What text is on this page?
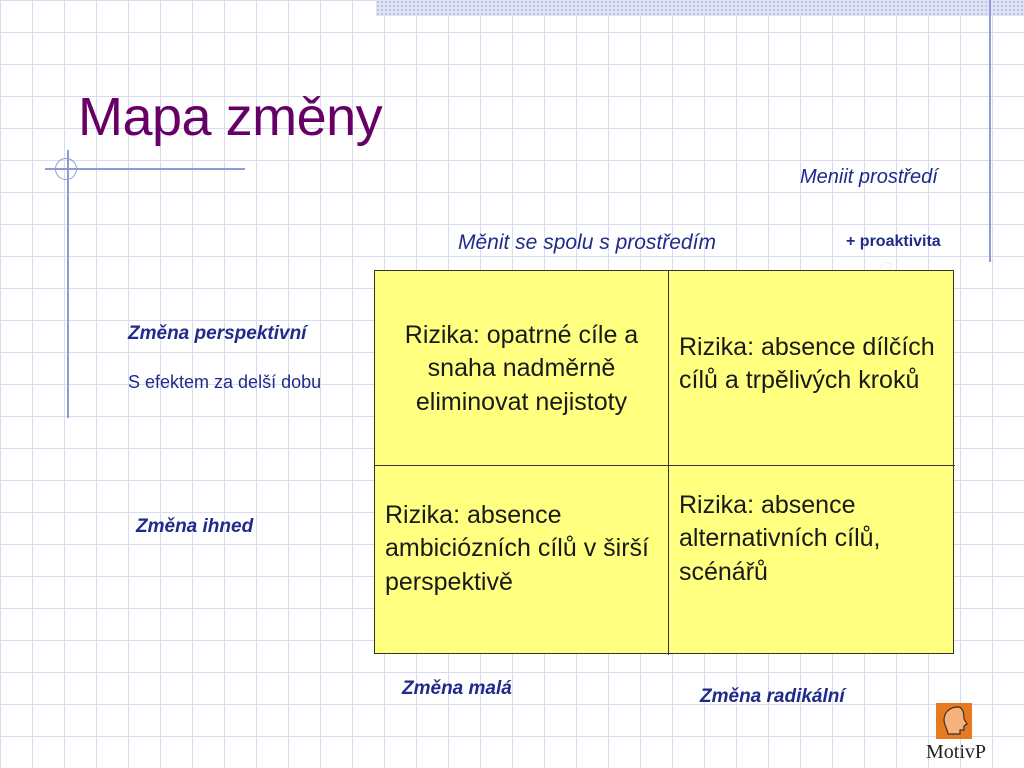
Mapa změny
Meniit prostředí
Měnit se spolu s prostředím	+ proaktivita
Změna perspektivní
S efektem za delší dobu
Změna ihned
Změna malá	Změna radikální
Rizika: opatrné cíle a snaha nadměrně eliminovat nejistoty
Rizika: absence dílčích cílů a trpělivých kroků
Rizika: absence ambiciózních cílů v širší perspektivě
Rizika: absence alternativních cílů, scénářů
MotivP
